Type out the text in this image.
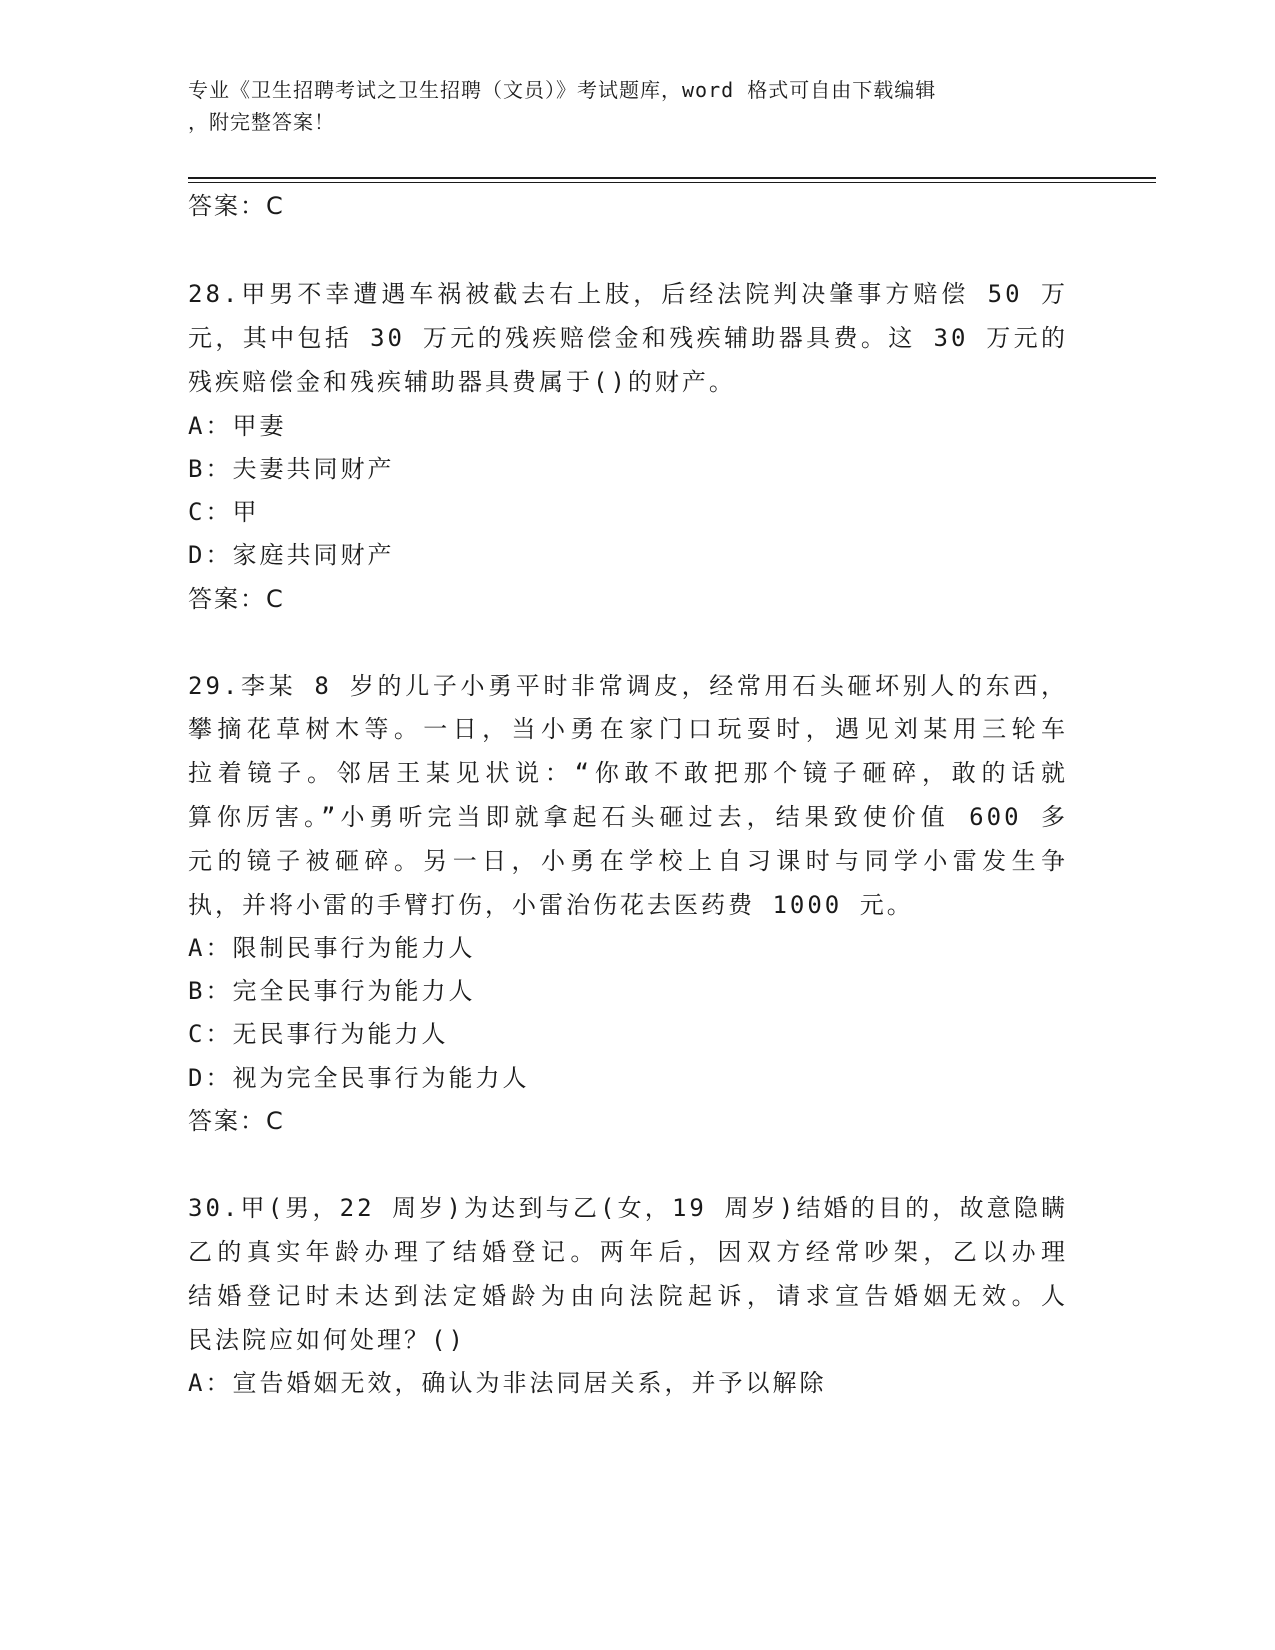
专业《卫生招聘考试之卫生招聘（文员）》考试题库，word 格式可自由下载编辑
，附完整答案！
答案：C
28.甲男不幸遭遇车祸被截去右上肢，后经法院判决肇事方赔偿 50 万
元，其中包括 30 万元的残疾赔偿金和残疾辅助器具费。这 30 万元的
残疾赔偿金和残疾辅助器具费属于()的财产。
A：甲妻
B：夫妻共同财产
C：甲
D：家庭共同财产
答案：C
29.李某 8 岁的儿子小勇平时非常调皮，经常用石头砸坏别人的东西，
攀摘花草树木等。一日，当小勇在家门口玩耍时，遇见刘某用三轮车
拉着镜子。邻居王某见状说：“你敢不敢把那个镜子砸碎，敢的话就
算你厉害。”小勇听完当即就拿起石头砸过去，结果致使价值 600 多
元的镜子被砸碎。另一日，小勇在学校上自习课时与同学小雷发生争
执，并将小雷的手臂打伤，小雷治伤花去医药费 1000 元。
A：限制民事行为能力人
B：完全民事行为能力人
C：无民事行为能力人
D：视为完全民事行为能力人
答案：C
30.甲(男，22 周岁)为达到与乙(女，19 周岁)结婚的目的，故意隐瞒
乙的真实年龄办理了结婚登记。两年后，因双方经常吵架，乙以办理
结婚登记时未达到法定婚龄为由向法院起诉，请求宣告婚姻无效。人
民法院应如何处理？()
A：宣告婚姻无效，确认为非法同居关系，并予以解除
